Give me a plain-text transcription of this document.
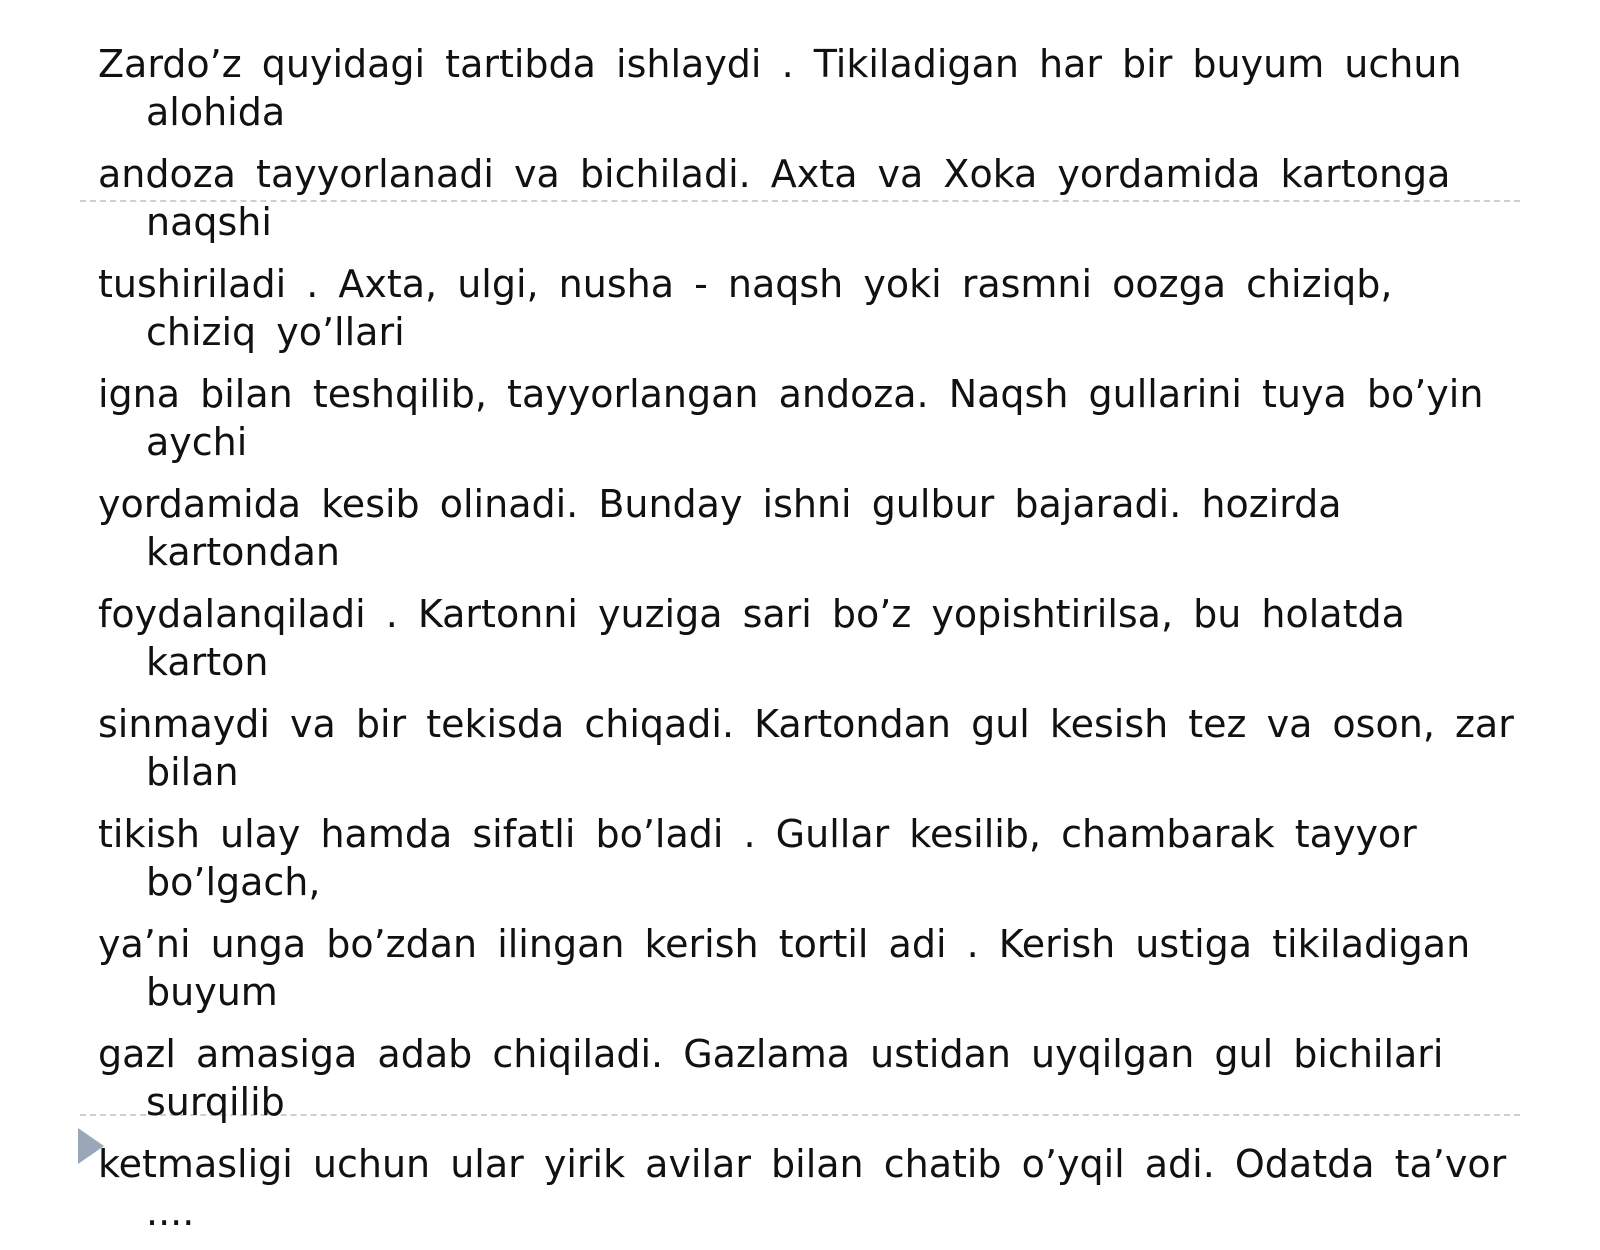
Zardo’z quyidagi tartibda ishlaydi . Tikiladigan har bir buyum uchun alohida

andoza tayyorlanadi va bichiladi. Axta va Xoka yordamida kartonga naqshi

tushiriladi . Axta, ulgi, nusha - naqsh yoki rasmni oozga chiziqb, chiziq yo’llari

igna bilan teshqilib, tayyorlangan andoza. Naqsh gullarini tuya bo’yin aychi

yordamida kesib olinadi. Bunday ishni gulbur bajaradi. hozirda kartondan

foydalanqiladi . Kartonni yuziga sari bo’z yopishtirilsa, bu holatda karton

sinmaydi va bir tekisda chiqadi. Kartondan gul kesish tez va oson, zar bilan

tikish ulay hamda sifatli bo’ladi . Gullar kesilib, chambarak tayyor bo’lgach,

ya’ni unga bo’zdan ilingan kerish tortil adi . Kerish ustiga tikiladigan buyum

gazl amasiga adab chiqiladi. Gazlama ustidan uyqilgan gul bichilari surqilib

ketmasligi uchun ular yirik avilar bilan chatib o’yqil adi. Odatda ta’vor ....
